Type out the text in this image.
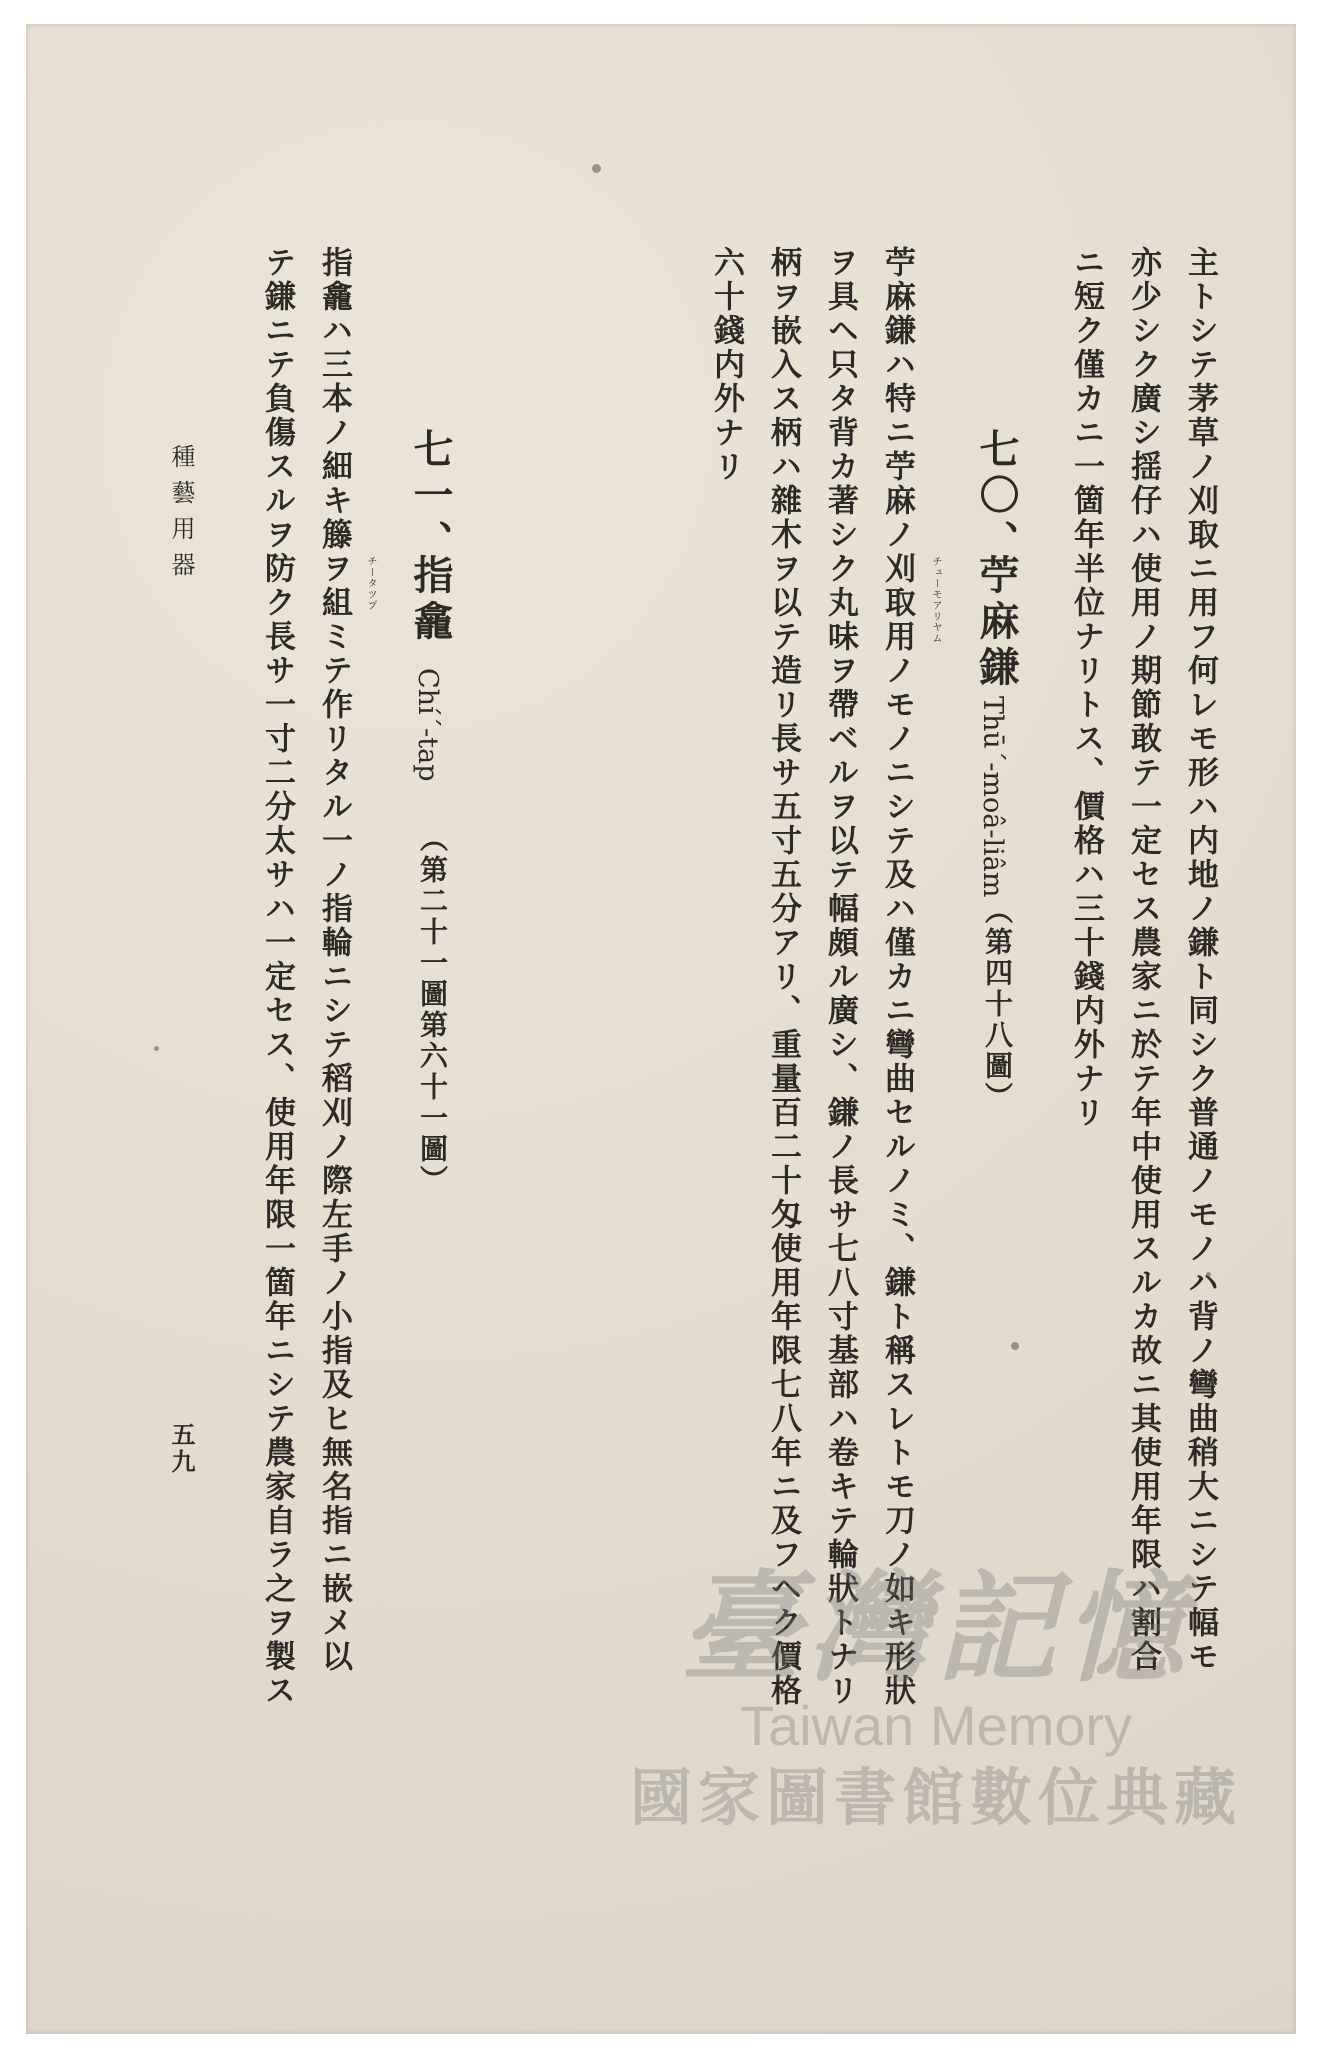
主トシテ茅草ノ刈取ニ用フ何レモ形ハ内地ノ鎌ト同シク普通ノモノハ背ノ彎曲稍大ニシテ幅モ
亦少シク廣シ揺仔ハ使用ノ期節敢テ一定セス農家ニ於テ年中使用スルカ故ニ其使用年限ハ割合
ニ短ク僅カニ一箇年半位ナリトス、價格ハ三十錢内外ナリ
七〇、
苧麻鎌
チューモアリヤム
Thū´-moâ-liâm
（第四十八圖）
苧麻鎌ハ特ニ苧麻ノ刈取用ノモノニシテ及ハ僅カニ彎曲セルノミ、鎌ト稱スレトモ刀ノ如キ形狀
ヲ具ヘ只タ背カ著シク丸味ヲ帶ベルヲ以テ幅頗ル廣シ、鎌ノ長サ七八寸基部ハ卷キテ輪狀トナリ
柄ヲ嵌入ス柄ハ雜木ヲ以テ造リ長サ五寸五分アリ、重量百二十匁使用年限七八年ニ及フヘク價格
六十錢内外ナリ
七一、
指龕
チータツプ
Chí´-tap
（第二十一圖第六十一圖）
指龕ハ三本ノ細キ籐ヲ組ミテ作リタル一ノ指輪ニシテ稻刈ノ際左手ノ小指及ヒ無名指ニ嵌メ以
テ鎌ニテ負傷スルヲ防ク長サ一寸二分太サハ一定セス、使用年限一箇年ニシテ農家自ラ之ヲ製ス
種藝用器
五九
臺灣記憶
Taiwan Memory
國家圖書館數位典藏
